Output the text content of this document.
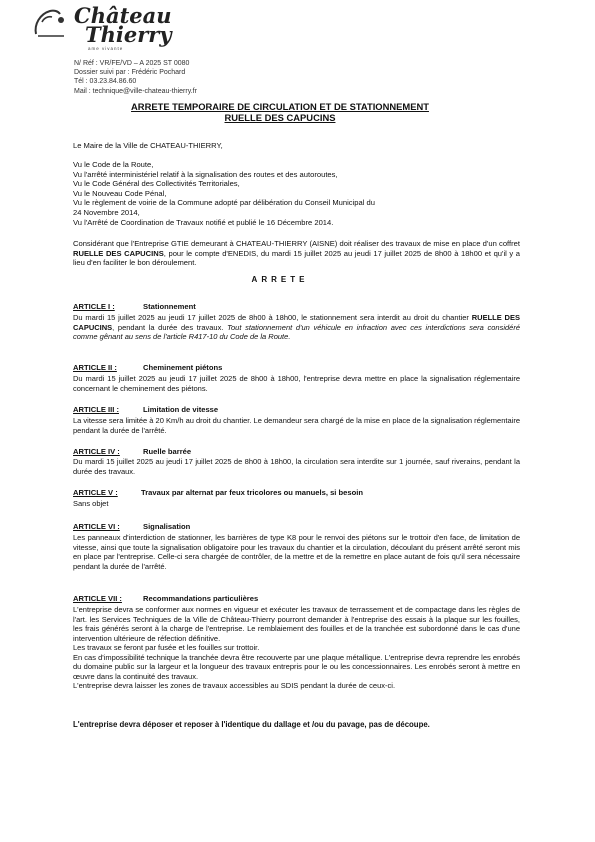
Château
Thierry
ame vivante
N/ Réf : VR/FE/VD – A 2025 ST 0080
Dossier suivi par : Frédéric Pochard
Tél : 03.23.84.86.60
Mail : technique@ville-chateau-thierry.fr
ARRETE TEMPORAIRE DE CIRCULATION ET DE STATIONNEMENT
RUELLE DES CAPUCINS
Le Maire de la Ville de CHATEAU-THIERRY,
Vu le Code de la Route,
Vu l'arrêté interministériel relatif à la signalisation des routes et des autoroutes,
Vu le Code Général des Collectivités Territoriales,
Vu le Nouveau Code Pénal,
Vu le règlement de voirie de la Commune adopté par délibération du Conseil Municipal du
24 Novembre 2014,
Vu l'Arrêté de Coordination de Travaux notifié et publié le 16 Décembre 2014.
Considérant que l'Entreprise GTIE demeurant à CHATEAU-THIERRY (AISNE) doit réaliser des travaux de mise en place d'un coffret RUELLE DES CAPUCINS, pour le compte d'ENEDIS, du mardi 15 juillet 2025 au jeudi 17 juillet 2025 de 8h00 à 18h00 et qu'il y a lieu d'en faciliter le bon déroulement.
ARRETE
ARTICLE I :	Stationnement
Du mardi 15 juillet 2025 au jeudi 17 juillet 2025 de 8h00 à 18h00, le stationnement sera interdit au droit du chantier RUELLE DES CAPUCINS, pendant la durée des travaux. Tout stationnement d'un véhicule en infraction avec ces interdictions sera considéré comme gênant au sens de l'article R417-10 du Code de la Route.
ARTICLE II :	Cheminement piétons
Du mardi 15 juillet 2025 au jeudi 17 juillet 2025 de 8h00 à 18h00, l'entreprise devra mettre en place la signalisation réglementaire concernant le cheminement des piétons.
ARTICLE III :	Limitation de vitesse
La vitesse sera limitée à 20 Km/h au droit du chantier. Le demandeur sera chargé de la mise en place de la signalisation réglementaire pendant la durée de l'arrêté.
ARTICLE IV :	Ruelle barrée
Du mardi 15 juillet 2025 au jeudi 17 juillet 2025 de 8h00 à 18h00, la circulation sera interdite sur 1 journée, sauf riverains, pendant la durée des travaux.
ARTICLE V :	Travaux par alternat par feux tricolores ou manuels, si besoin
Sans objet
ARTICLE VI :	Signalisation
Les panneaux d'interdiction de stationner, les barrières de type K8 pour le renvoi des piétons sur le trottoir d'en face, de limitation de vitesse, ainsi que toute la signalisation obligatoire pour les travaux du chantier et la circulation, découlant du présent arrêté seront mis en place par l'entreprise. Celle-ci sera chargée de contrôler, de la mettre et de la remettre en place autant de fois qu'il sera nécessaire pendant la durée de l'arrêté.
ARTICLE VII :	Recommandations particulières
L'entreprise devra se conformer aux normes en vigueur et exécuter les travaux de terrassement et de compactage dans les règles de l'art. les Services Techniques de la Ville de Château-Thierry pourront demander à l'entreprise des essais à la plaque sur les fouilles, les frais générés seront à la charge de l'entreprise. Le remblaiement des fouilles et de la tranchée est subordonné dans le cas d'une intervention ultérieure de réfection définitive.
Les travaux se feront par fusée et les fouilles sur trottoir.
En cas d'impossibilité technique la tranchée devra être recouverte par une plaque métallique. L'entreprise devra reprendre les enrobés du domaine public sur la largeur et la longueur des travaux entrepris pour le ou les concessionnaires. Les enrobés seront à mettre en œuvre dans la continuité des travaux.
L'entreprise devra laisser les zones de travaux accessibles au SDIS pendant la durée de ceux-ci.
L'entreprise devra déposer et reposer à l'identique du dallage et /ou du pavage, pas de découpe.
